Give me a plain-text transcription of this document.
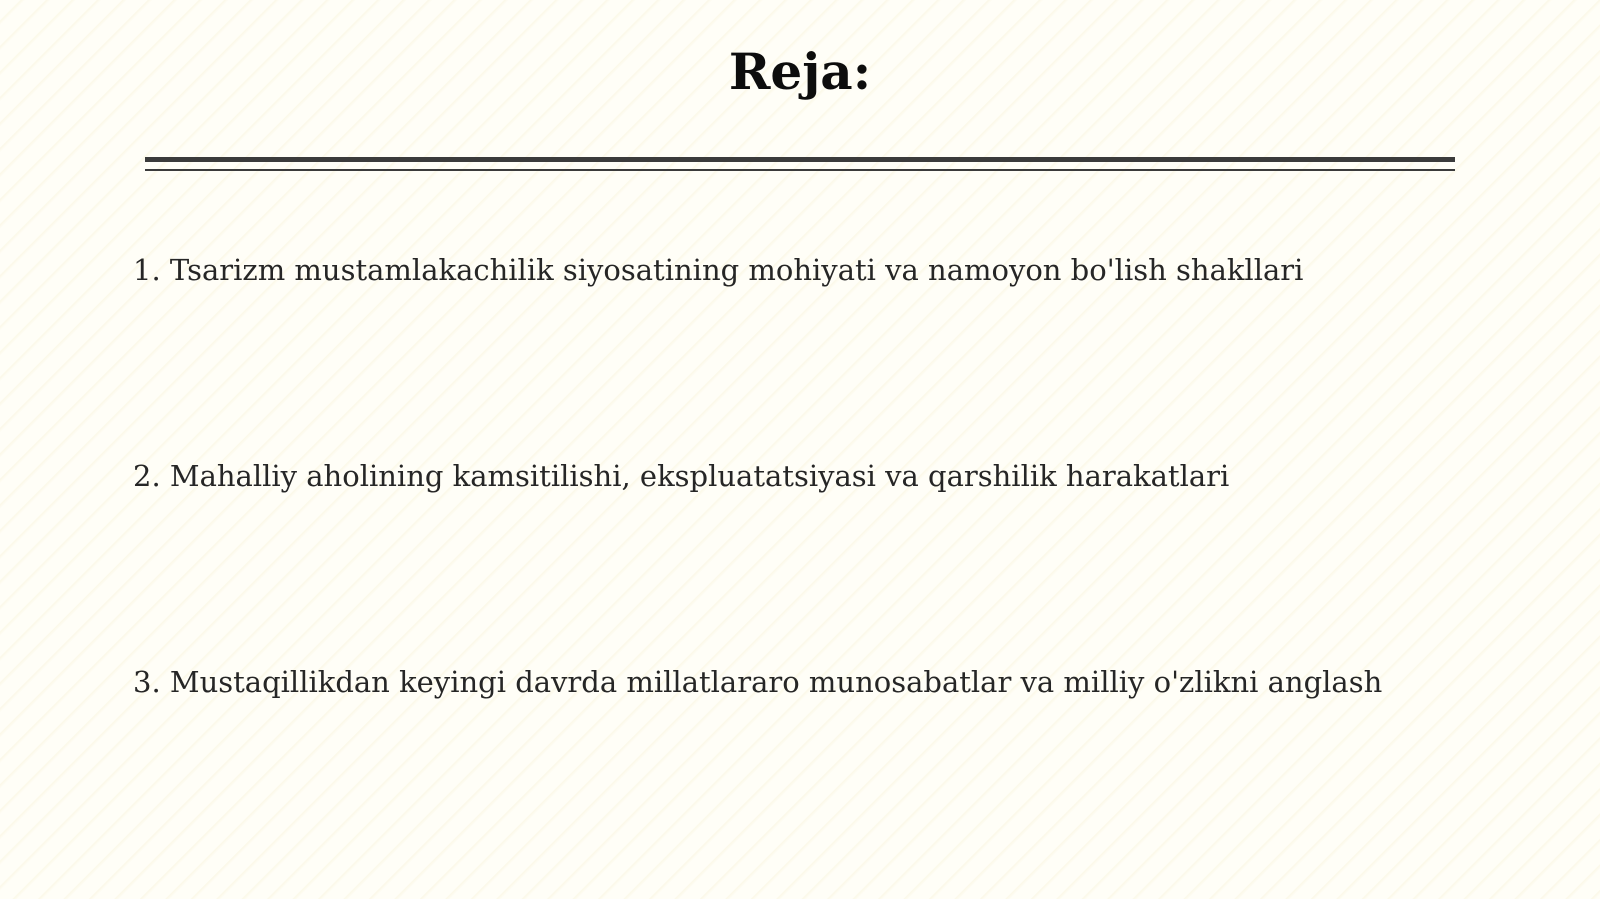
Reja:
1. Tsarizm mustamlakachilik siyosatining mohiyati va namoyon bo'lish shakllari
2. Mahalliy aholining kamsitilishi, ekspluatatsiyasi va qarshilik harakatlari
3. Mustaqillikdan keyingi davrda millatlararo munosabatlar va milliy o'zlikni anglash
